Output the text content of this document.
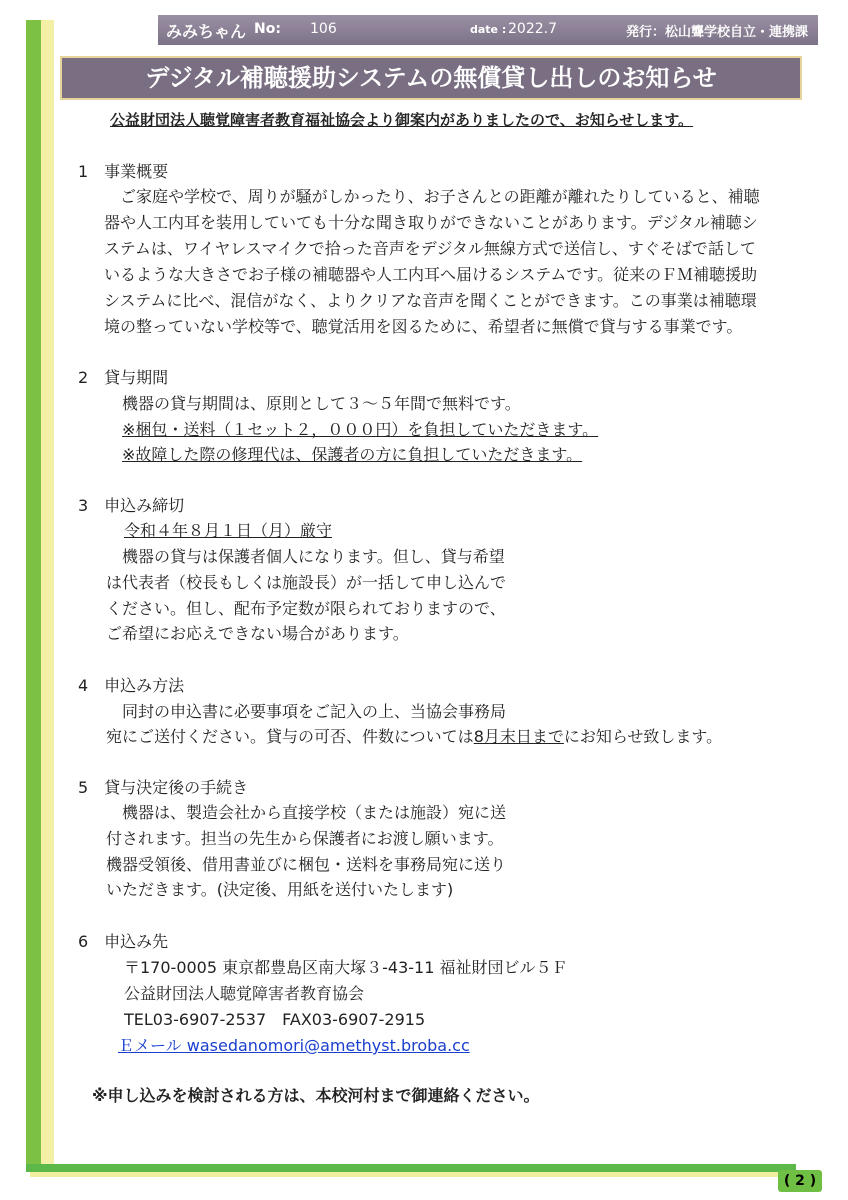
みみちゃん No: 106	date : 2022.7	発行：松山聾学校自立・連携課
デジタル補聴援助システムの無償貸し出しのお知らせ
公益財団法人聴覚障害者教育福祉協会より御案内がありましたので、お知らせします。
1　事業概要
ご家庭や学校で、周りが騒がしかったり、お子さんとの距離が離れたりしていると、補聴
器や人工内耳を装用していても十分な聞き取りができないことがあります。デジタル補聴シ
ステムは、ワイヤレスマイクで拾った音声をデジタル無線方式で送信し、すぐそばで話して
いるような大きさでお子様の補聴器や人工内耳へ届けるシステムです。従来のＦＭ補聴援助
システムに比べ、混信がなく、よりクリアな音声を聞くことができます。この事業は補聴環
境の整っていない学校等で、聴覚活用を図るために、希望者に無償で貸与する事業です。
2　貸与期間
機器の貸与期間は、原則として３～５年間で無料です。
※梱包・送料（１セット２，０００円）を負担していただきます。
※故障した際の修理代は、保護者の方に負担していただきます。
3　申込み締切
令和４年８月１日（月）厳守
機器の貸与は保護者個人になります。但し、貸与希望
は代表者（校長もしくは施設長）が一括して申し込んで
ください。但し、配布予定数が限られておりますので、
ご希望にお応えできない場合があります。
4　申込み方法
同封の申込書に必要事項をご記入の上、当協会事務局
宛にご送付ください。貸与の可否、件数については8月末日までにお知らせ致します。
5　貸与決定後の手続き
機器は、製造会社から直接学校（または施設）宛に送
付されます。担当の先生から保護者にお渡し願います。
機器受領後、借用書並びに梱包・送料を事務局宛に送り
いただきます。(決定後、用紙を送付いたします)
6　申込み先
〒170-0005 東京都豊島区南大塚３-43-11 福祉財団ビル５Ｆ
公益財団法人聴覚障害者教育協会
TEL03-6907-2537　FAX03-6907-2915
Ｅメール wasedanomori@amethyst.broba.cc
※申し込みを検討される方は、本校河村まで御連絡ください。
( 2 )
